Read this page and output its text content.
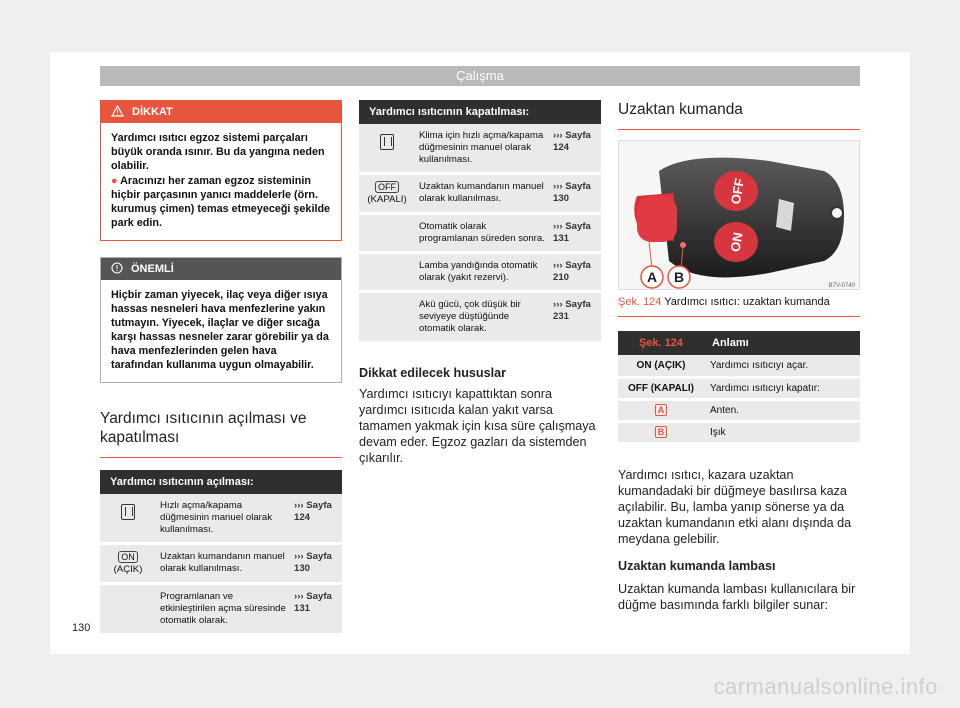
Çalışma
DİKKAT

Yardımcı ısıtıcı egzoz sistemi parçaları büyük oranda ısınır. Bu da yangına neden olabilir.

● Aracınızı her zaman egzoz sisteminin hiçbir parçasının yanıcı maddelerle (örn. kurumuş çimen) temas etmeyeceği şekilde park edin.

ÖNEMLİ

Hiçbir zaman yiyecek, ilaç veya diğer ısıya hassas nesneleri hava menfezlerine yakın tutmayın. Yiyecek, ilaçlar ve diğer sıcağa karşı hassas nesneler zarar görebilir ya da hava menfezlerinden gelen hava tarafından kullanıma uygun olmayabilir.

Yardımcı ısıtıcının açılması ve kapatılması
Yardımcı ısıtıcının açılması:		
	Hızlı açma/kapama düğmesinin manuel olarak kullanılması.	››› Sayfa 124
ON
(AÇIK)	Uzaktan kumandanın manuel olarak kullanılması.	››› Sayfa 130
	Programlanan ve etkinleştirilen açma süresinde otomatik olarak.	››› Sayfa 131
Yardımcı ısıtıcının kapatılması:		
	Klima için hızlı açma/kapama düğmesinin manuel olarak kullanılması.	››› Sayfa 124
OFF (KAPALI)	Uzaktan kumandanın manuel olarak kullanılması.	››› Sayfa 130
	Otomatik olarak programlanan süreden sonra.	››› Sayfa 131
	Lamba yandığında otomatik olarak (yakıt rezervi).	››› Sayfa 210
	Akü gücü, çok düşük bir seviyeye düştüğünde otomatik olarak.	››› Sayfa 231
Dikkat edilecek hususlar

Yardımcı ısıtıcıyı kapattıktan sonra yardımcı ısıtıcıda kalan yakıt varsa tamamen yakmak için kısa süre çalışmaya devam eder. Egzoz gazları da sistemden çıkarılır.

Uzaktan kumanda
OFF
ON
A B
B7V-0740
Şek. 124 Yardımcı ısıtıcı: uzaktan kumanda
Şek. 124	Anlamı
ON (AÇIK)	Yardımcı ısıtıcıyı açar.
OFF (KAPALI)	Yardımcı ısıtıcıyı kapatır:
A	Anten.
B	Işık

Yardımcı ısıtıcı, kazara uzaktan kumandadaki bir düğmeye basılırsa kaza açılabilir. Bu, lamba yanıp sönerse ya da uzaktan kumandanın etki alanı dışında da meydana gelebilir.

Uzaktan kumanda lambası

Uzaktan kumanda lambası kullanıcılara bir düğme basımında farklı bilgiler sunar:

130
carmanualsonline.info
